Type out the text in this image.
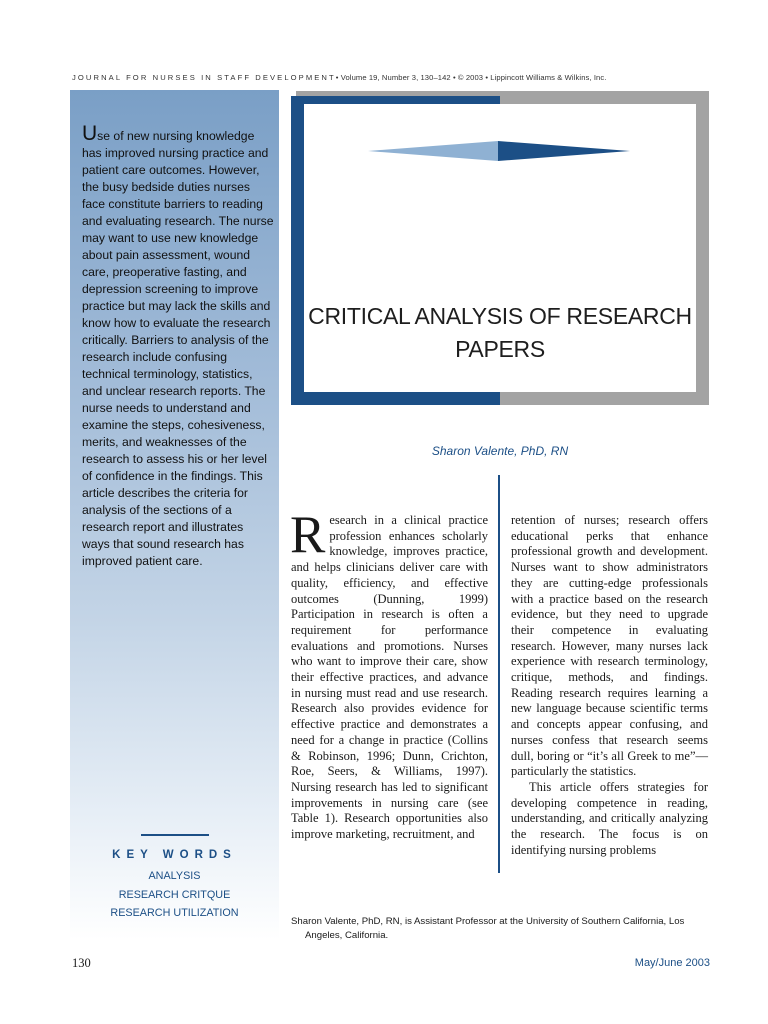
JOURNAL FOR NURSES IN STAFF DEVELOPMENT• Volume 19, Number 3, 130–142 • © 2003 • Lippincott Williams & Wilkins, Inc.
Use of new nursing knowledge has improved nursing practice and patient care outcomes. However, the busy bedside duties nurses face constitute barriers to reading and evaluating research. The nurse may want to use new knowledge about pain assessment, wound care, preoperative fasting, and depression screening to improve practice but may lack the skills and know how to evaluate the research critically. Barriers to analysis of the research include confusing technical terminology, statistics, and unclear research reports. The nurse needs to understand and examine the steps, cohesiveness, merits, and weaknesses of the research to assess his or her level of confidence in the findings. This article describes the criteria for analysis of the sections of a research report and illustrates ways that sound research has improved patient care.
KEY WORDS
ANALYSIS
RESEARCH CRITQUE
RESEARCH UTILIZATION
CRITICAL ANALYSIS OF RESEARCH PAPERS
Sharon Valente, PhD, RN

Research in a clinical practice profession enhances scholarly knowledge, improves practice, and helps clinicians deliver care with quality, efficiency, and effective outcomes (Dunning, 1999) Participation in research is often a requirement for performance evaluations and promotions. Nurses who want to improve their care, show their effective practices, and advance in nursing must read and use research. Research also provides evidence for effective practice and demonstrates a need for a change in practice (Collins & Robinson, 1996; Dunn, Crichton, Roe, Seers, & Williams, 1997). Nursing research has led to significant improvements in nursing care (see Table 1). Research opportunities also improve marketing, recruitment, and

retention of nurses; research offers educational perks that enhance professional growth and development. Nurses want to show administrators they are cutting-edge professionals with a practice based on the research evidence, but they need to upgrade their competence in evaluating research. However, many nurses lack experience with research terminology, critique, methods, and findings. Reading research requires learning a new language because scientific terms and concepts appear confusing, and nurses confess that research seems dull, boring or “it’s all Greek to me”—particularly the statistics.

This article offers strategies for developing competence in reading, understanding, and critically analyzing the research. The focus is on identifying nursing problems

Sharon Valente, PhD, RN, is Assistant Professor at the University of Southern California, Los Angeles, California.
130	May/June 2003
